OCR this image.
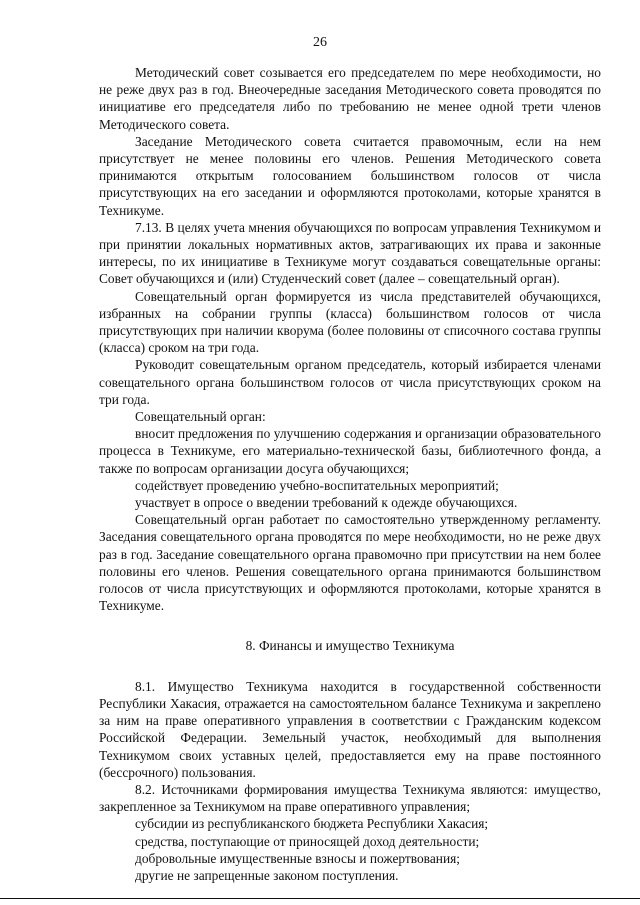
26

Методический совет созывается его председателем по мере необходимости, но не реже двух раз в год. Внеочередные заседания Методического совета проводятся по инициативе его председателя либо по требованию не менее одной трети членов Методического совета.

Заседание Методического совета считается правомочным, если на нем присутствует не менее половины его членов. Решения Методического совета принимаются открытым голосованием большинством голосов от числа присутствующих на его заседании и оформляются протоколами, которые хранятся в Техникуме.

7.13. В целях учета мнения обучающихся по вопросам управления Техникумом и при принятии локальных нормативных актов, затрагивающих их права и законные интересы, по их инициативе в Техникуме могут создаваться совещательные органы: Совет обучающихся и (или) Студенческий совет (далее – совещательный орган).

Совещательный орган формируется из числа представителей обучающихся, избранных на собрании группы (класса) большинством голосов от числа присутствующих при наличии кворума (более половины от списочного состава группы (класса) сроком на три года.

Руководит совещательным органом председатель, который избирается членами совещательного органа большинством голосов от числа присутствующих сроком на три года.

Совещательный орган:

вносит предложения по улучшению содержания и организации образовательного процесса в Техникуме, его материально-технической базы, библиотечного фонда, а также по вопросам организации досуга обучающихся;

содействует проведению учебно-воспитательных мероприятий;

участвует в опросе о введении требований к одежде обучающихся.

Совещательный орган работает по самостоятельно утвержденному регламенту. Заседания совещательного органа проводятся по мере необходимости, но не реже двух раз в год. Заседание совещательного органа правомочно при присутствии на нем более половины его членов. Решения совещательного органа принимаются большинством голосов от числа присутствующих и оформляются протоколами, которые хранятся в Техникуме.

8. Финансы и имущество Техникума

8.1. Имущество Техникума находится в государственной собственности Республики Хакасия, отражается на самостоятельном балансе Техникума и закреплено за ним на праве оперативного управления в соответствии с Гражданским кодексом Российской Федерации. Земельный участок, необходимый для выполнения Техникумом своих уставных целей, предоставляется ему на праве постоянного (бессрочного) пользования.

8.2. Источниками формирования имущества Техникума являются: имущество, закрепленное за Техникумом на праве оперативного управления;

субсидии из республиканского бюджета Республики Хакасия;

средства, поступающие от приносящей доход деятельности;

добровольные имущественные взносы и пожертвования;

другие не запрещенные законом поступления.
